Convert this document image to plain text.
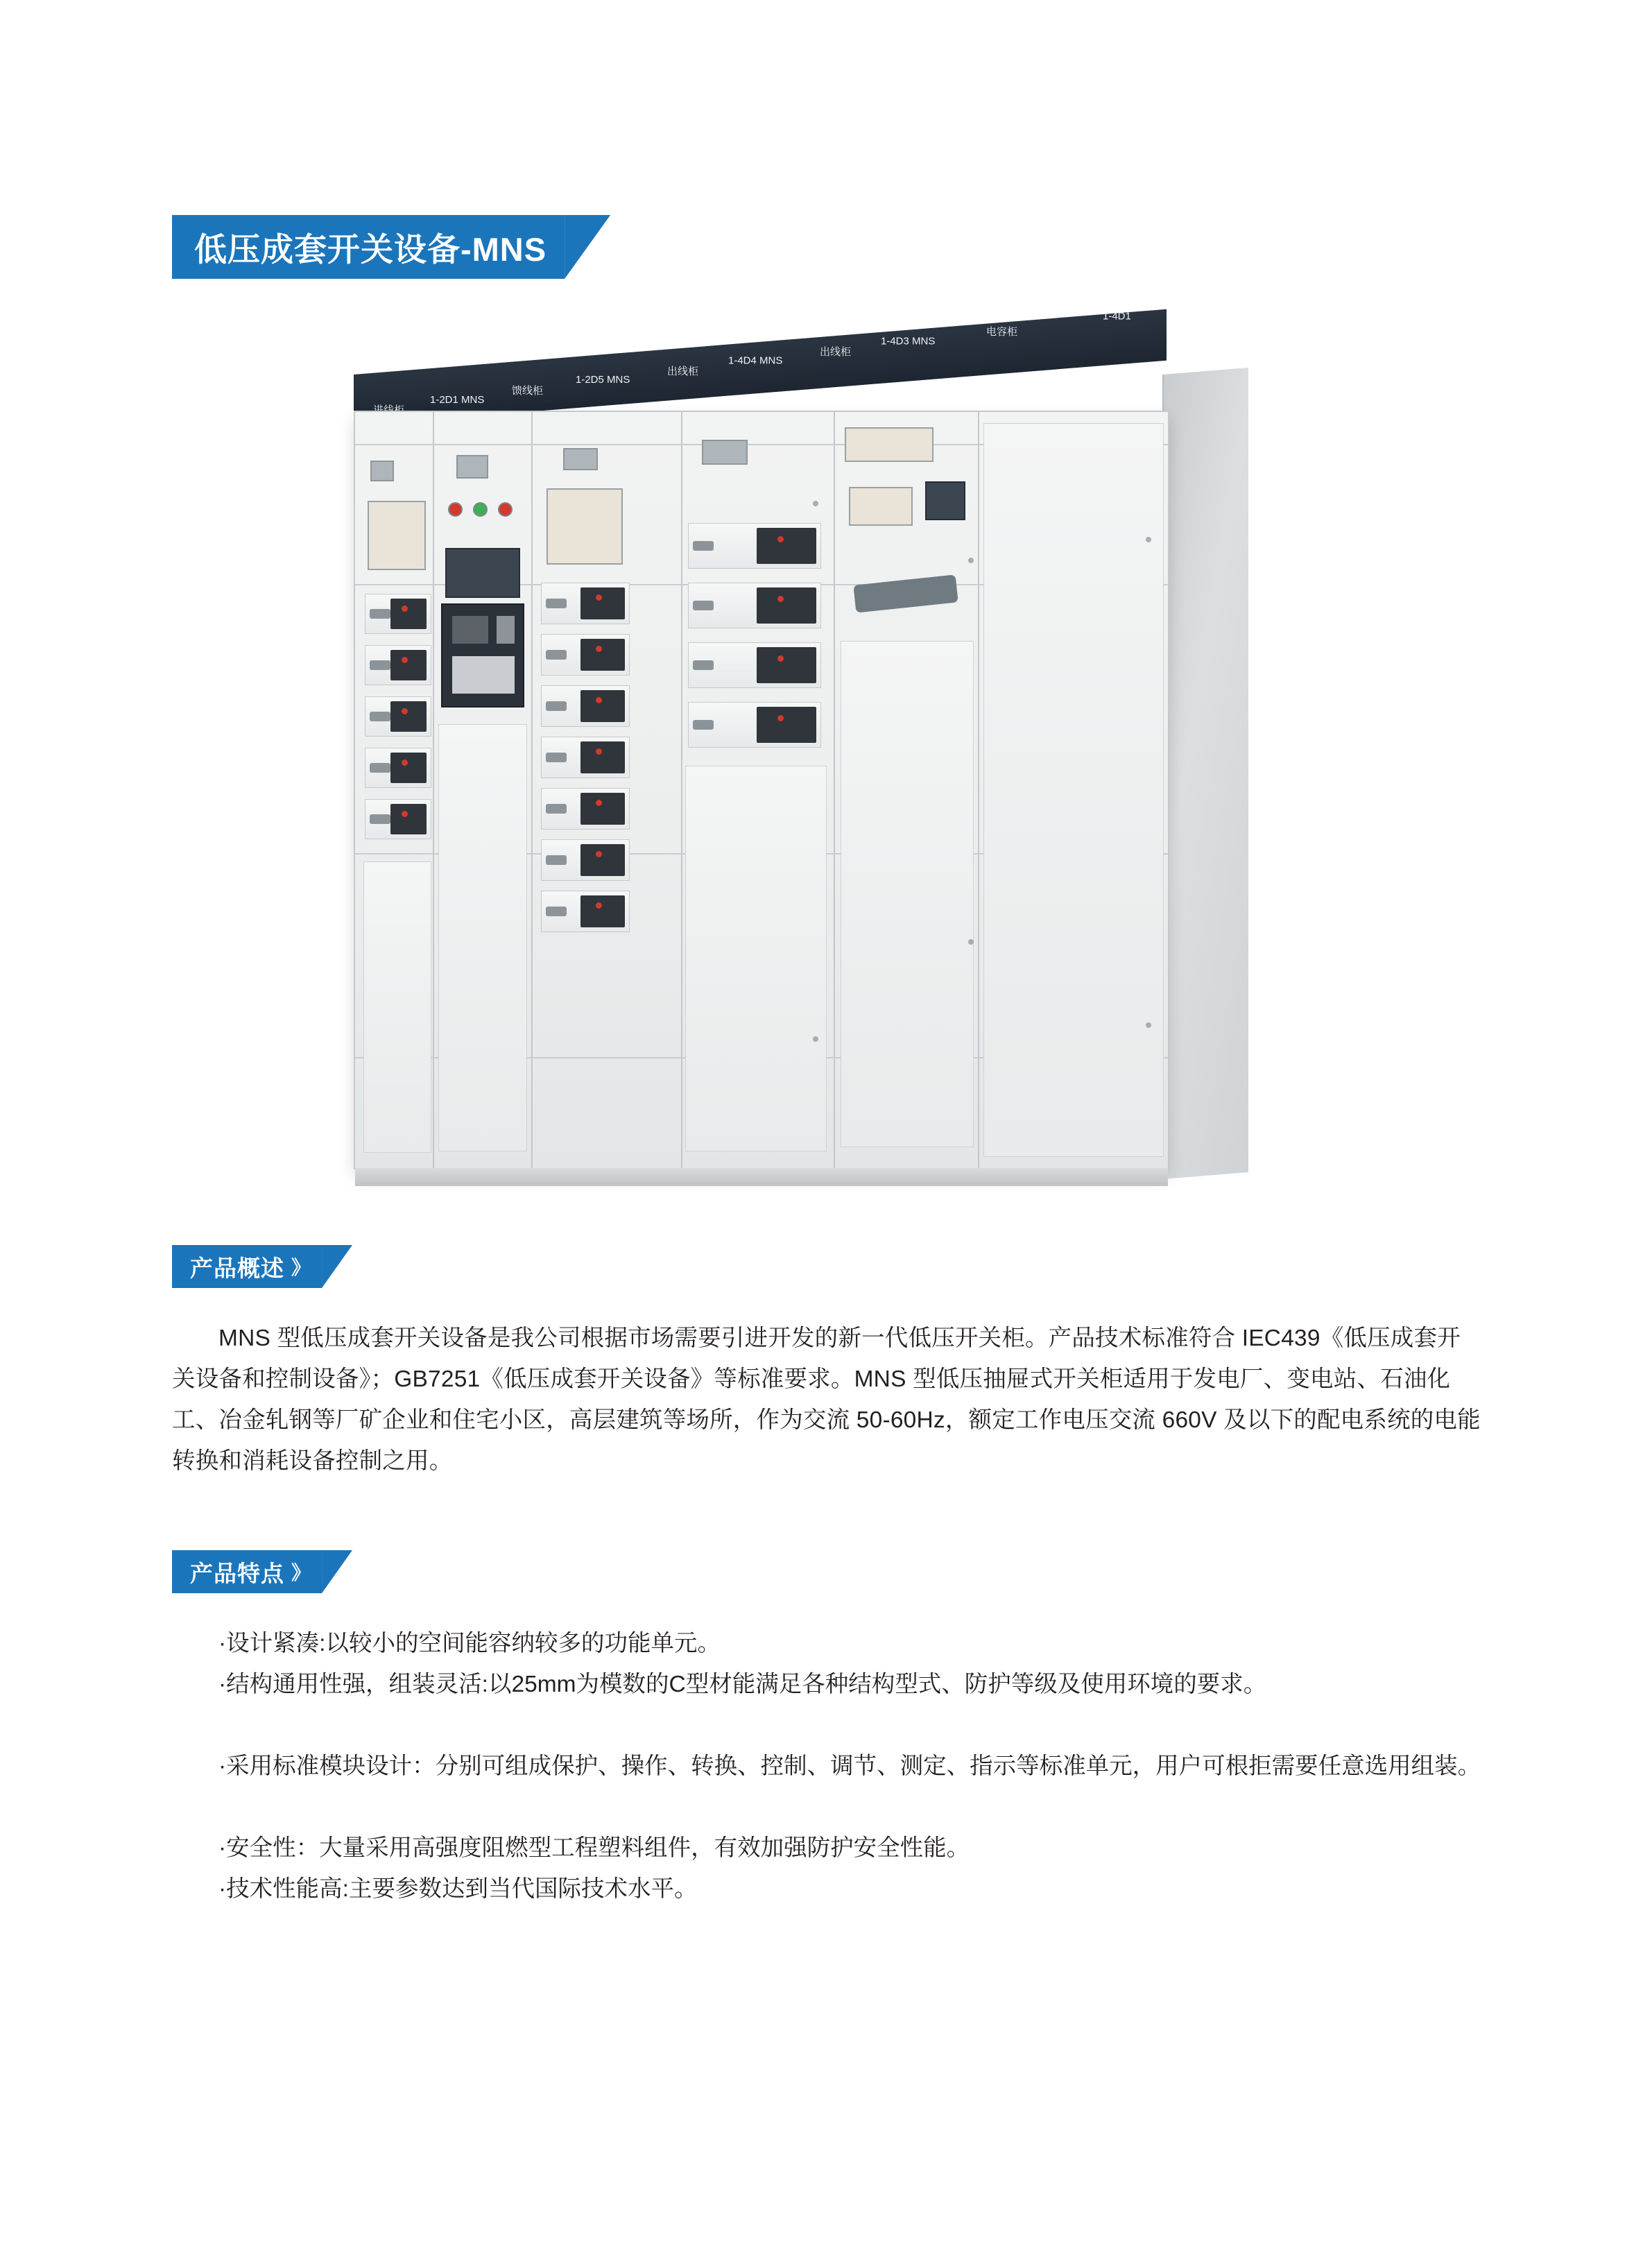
低压成套开关设备-MNS
1-2D1 MNS
馈线柜
1-2D5 MNS
出线柜
1-4D4 MNS
出线柜
1-4D3 MNS
电容柜
1-4D1
产品概述 》
MNS 型低压成套开关设备是我公司根据市场需要引进开发的新一代低压开关柜。产品技术标准符合 IEC439《低压成套开关设备和控制设备》；GB7251《低压成套开关设备》等标准要求。MNS 型低压抽屉式开关柜适用于发电厂、变电站、石油化工、冶金轧钢等厂矿企业和住宅小区，高层建筑等场所，作为交流 50-60Hz，额定工作电压交流 660V 及以下的配电系统的电能转换和消耗设备控制之用。
产品特点 》
·设计紧凑:以较小的空间能容纳较多的功能单元。
·结构通用性强，组装灵活:以25mm为模数的C型材能满足各种结构型式、防护等级及使用环境的要求。
·采用标准模块设计：分别可组成保护、操作、转换、控制、调节、测定、指示等标准单元，用户可根拒需要任意选用组装。
·安全性：大量采用高强度阻燃型工程塑料组件，有效加强防护安全性能。
·技术性能高:主要参数达到当代国际技术水平。
